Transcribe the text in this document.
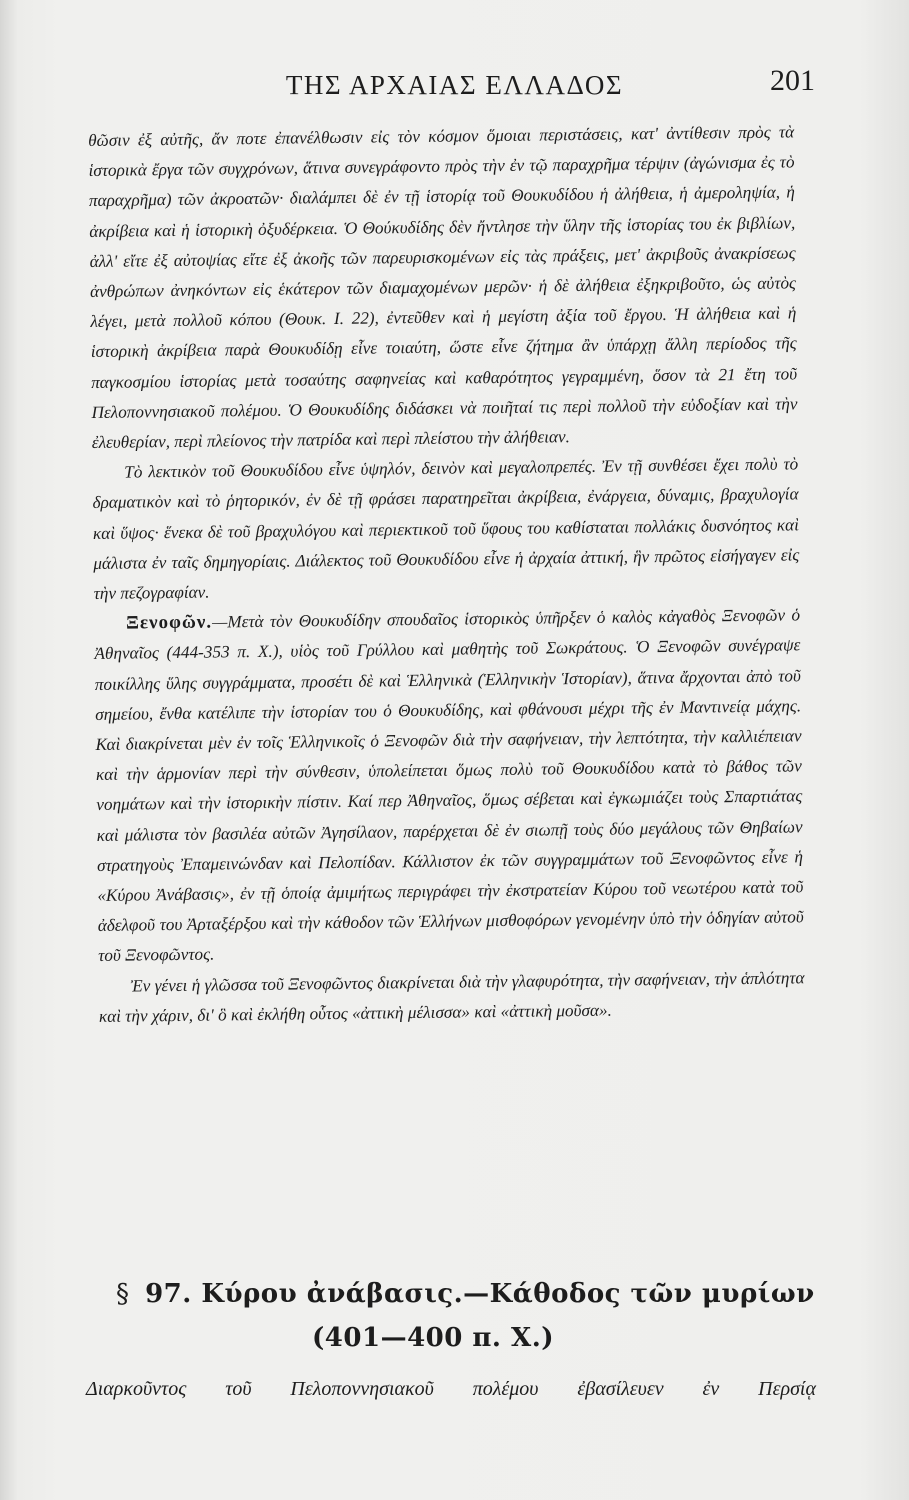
ΤΗΣ ΑΡΧΑΙΑΣ ΕΛΛΑΔΟΣ	201

θῶσιν ἐξ αὐτῆς, ἄν ποτε ἐπανέλθωσιν εἰς τὸν κόσμον ὅμοιαι περιστάσεις, κατ' ἀντίθεσιν πρὸς τὰ ἱστορικὰ ἔργα τῶν συγχρόνων, ἅτινα συνεγράφοντο πρὸς τὴν ἐν τῷ παραχρῆμα τέρψιν (ἀγώνισμα ἐς τὸ παραχρῆμα) τῶν ἀκροατῶν· διαλάμπει δὲ ἐν τῇ ἱστορίᾳ τοῦ Θουκυδίδου ἡ ἀλήθεια, ἡ ἀμεροληψία, ἡ ἀκρίβεια καὶ ἡ ἱστορικὴ ὀξυδέρκεια. Ὁ Θούκυδίδης δὲν ἤντλησε τὴν ὕλην τῆς ἱστορίας του ἐκ βιβλίων, ἀλλ' εἴτε ἐξ αὐτοψίας εἴτε ἐξ ἀκοῆς τῶν παρευρισκομένων εἰς τὰς πράξεις, μετ' ἀκριβοῦς ἀνακρίσεως ἀνθρώπων ἀνηκόντων εἰς ἑκάτερον τῶν διαμαχομένων μερῶν· ἡ δὲ ἀλήθεια ἐξηκριβοῦτο, ὡς αὐτὸς λέγει, μετὰ πολλοῦ κόπου (Θουκ. Ι. 22), ἐντεῦθεν καὶ ἡ μεγίστη ἀξία τοῦ ἔργου. Ἡ ἀλήθεια καὶ ἡ ἱστορικὴ ἀκρίβεια παρὰ Θουκυδίδῃ εἶνε τοιαύτη, ὥστε εἶνε ζήτημα ἂν ὑπάρχῃ ἄλλη περίοδος τῆς παγκοσμίου ἱστορίας μετὰ τοσαύτης σαφηνείας καὶ καθαρότητος γεγραμμένη, ὅσον τὰ 21 ἔτη τοῦ Πελοποννησιακοῦ πολέμου. Ὁ Θουκυδίδης διδάσκει νὰ ποιῆταί τις περὶ πολλοῦ τὴν εὐδοξίαν καὶ τὴν ἐλευθερίαν, περὶ πλείονος τὴν πατρίδα καὶ περὶ πλείστου τὴν ἀλήθειαν.

Τὸ λεκτικὸν τοῦ Θουκυδίδου εἶνε ὑψηλόν, δεινὸν καὶ μεγαλοπρεπές. Ἐν τῇ συνθέσει ἔχει πολὺ τὸ δραματικὸν καὶ τὸ ῥητορικόν, ἐν δὲ τῇ φράσει παρατηρεῖται ἀκρίβεια, ἐνάργεια, δύναμις, βραχυλογία καὶ ὕψος· ἕνεκα δὲ τοῦ βραχυλόγου καὶ περιεκτικοῦ τοῦ ὕφους του καθίσταται πολλάκις δυσνόητος καὶ μάλιστα ἐν ταῖς δημηγορίαις. Διάλεκτος τοῦ Θουκυδίδου εἶνε ἡ ἀρχαία ἀττική, ἣν πρῶτος εἰσήγαγεν εἰς τὴν πεζογραφίαν.

Ξενοφῶν.—Μετὰ τὸν Θουκυδίδην σπουδαῖος ἱστορικὸς ὑπῆρξεν ὁ καλὸς κἀγαθὸς Ξενοφῶν ὁ Ἀθηναῖος (444-353 π. Χ.), υἱὸς τοῦ Γρύλλου καὶ μαθητὴς τοῦ Σωκράτους. Ὁ Ξενοφῶν συνέγραψε ποικίλλης ὕλης συγγράμματα, προσέτι δὲ καὶ Ἑλληνικὰ (Ἑλληνικὴν Ἱστορίαν), ἅτινα ἄρχονται ἀπὸ τοῦ σημείου, ἔνθα κατέλιπε τὴν ἱστορίαν του ὁ Θουκυδίδης, καὶ φθάνουσι μέχρι τῆς ἐν Μαντινείᾳ μάχης. Καὶ διακρίνεται μὲν ἐν τοῖς Ἑλληνικοῖς ὁ Ξενοφῶν διὰ τὴν σαφήνειαν, τὴν λεπτότητα, τὴν καλλιέπειαν καὶ τὴν ἁρμονίαν περὶ τὴν σύνθεσιν, ὑπολείπεται ὅμως πολὺ τοῦ Θουκυδίδου κατὰ τὸ βάθος τῶν νοημάτων καὶ τὴν ἱστορικὴν πίστιν. Καί περ Ἀθηναῖος, ὅμως σέβεται καὶ ἐγκωμιάζει τοὺς Σπαρτιάτας καὶ μάλιστα τὸν βασιλέα αὐτῶν Ἀγησίλαον, παρέρχεται δὲ ἐν σιωπῇ τοὺς δύο μεγάλους τῶν Θηβαίων στρατηγοὺς Ἐπαμεινώνδαν καὶ Πελοπίδαν. Κάλλιστον ἐκ τῶν συγγραμμάτων τοῦ Ξενοφῶντος εἶνε ἡ «Κύρου Ἀνάβασις», ἐν τῇ ὁποίᾳ ἀμιμήτως περιγράφει τὴν ἐκστρατείαν Κύρου τοῦ νεωτέρου κατὰ τοῦ ἀδελφοῦ του Ἀρταξέρξου καὶ τὴν κάθοδον τῶν Ἑλλήνων μισθοφόρων γενομένην ὑπὸ τὴν ὁδηγίαν αὐτοῦ τοῦ Ξενοφῶντος.

Ἐν γένει ἡ γλῶσσα τοῦ Ξενοφῶντος διακρίνεται διὰ τὴν γλαφυρότητα, τὴν σαφήνειαν, τὴν ἁπλότητα καὶ τὴν χάριν, δι' ὃ καὶ ἐκλήθη οὗτος «ἀττικὴ μέλισσα» καὶ «ἀττικὴ μοῦσα».

§ 97. Κύρου ἀνάβασις.—Κάθοδος τῶν μυρίων
(401—400 π. Χ.)
Διαρκοῦντος τοῦ Πελοποννησιακοῦ πολέμου ἐβασίλευεν ἐν Περσίᾳ
